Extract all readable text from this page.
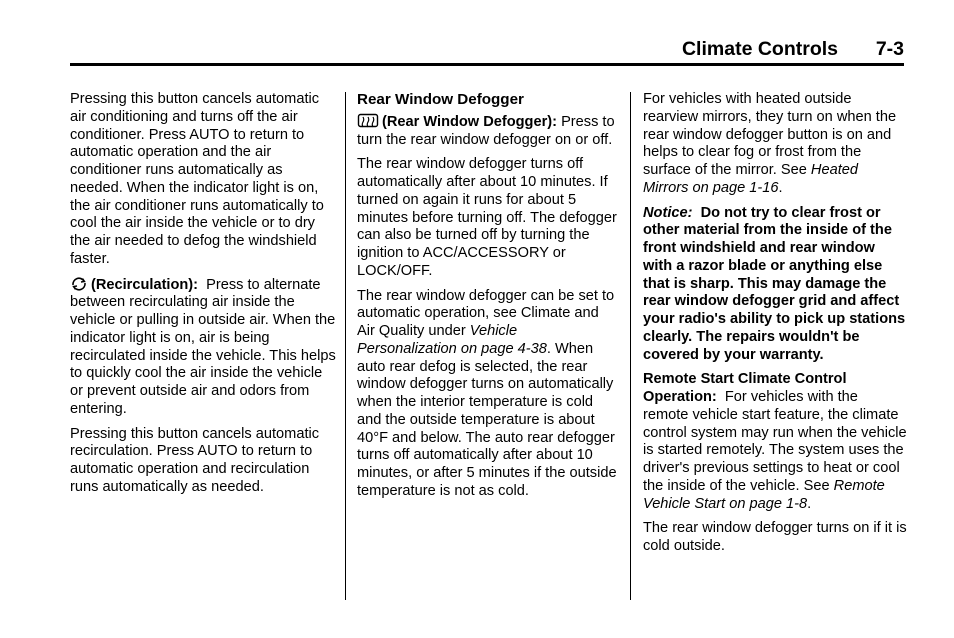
Climate Controls 7-3

Pressing this button cancels automatic air conditioning and turns off the air conditioner. Press AUTO to return to automatic operation and the air conditioner runs automatically as needed. When the indicator light is on, the air conditioner runs automatically to cool the air inside the vehicle or to dry the air needed to defog the windshield faster.

(Recirculation): Press to alternate between recirculating air inside the vehicle or pulling in outside air. When the indicator light is on, air is being recirculated inside the vehicle. This helps to quickly cool the air inside the vehicle or prevent outside air and odors from entering.

Pressing this button cancels automatic recirculation. Press AUTO to return to automatic operation and recirculation runs automatically as needed.

Rear Window Defogger

(Rear Window Defogger): Press to turn the rear window defogger on or off.

The rear window defogger turns off automatically after about 10 minutes. If turned on again it runs for about 5 minutes before turning off. The defogger can also be turned off by turning the ignition to ACC/ACCESSORY or LOCK/OFF.

The rear window defogger can be set to automatic operation, see Climate and Air Quality under Vehicle Personalization on page 4-38. When auto rear defog is selected, the rear window defogger turns on automatically when the interior temperature is cold and the outside temperature is about 40°F and below. The auto rear defogger turns off automatically after about 10 minutes, or after 5 minutes if the outside temperature is not as cold.

For vehicles with heated outside rearview mirrors, they turn on when the rear window defogger button is on and helps to clear fog or frost from the surface of the mirror. See Heated Mirrors on page 1-16.

Notice: Do not try to clear frost or other material from the inside of the front windshield and rear window with a razor blade or anything else that is sharp. This may damage the rear window defogger grid and affect your radio's ability to pick up stations clearly. The repairs wouldn't be covered by your warranty.

Remote Start Climate Control Operation: For vehicles with the remote vehicle start feature, the climate control system may run when the vehicle is started remotely. The system uses the driver's previous settings to heat or cool the inside of the vehicle. See Remote Vehicle Start on page 1-8.

The rear window defogger turns on if it is cold outside.
